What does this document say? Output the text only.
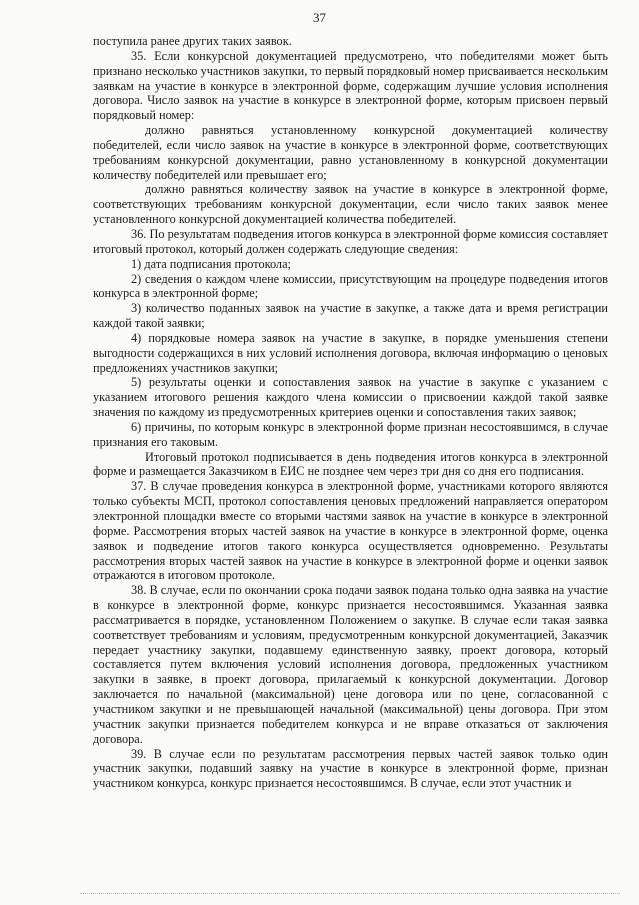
37

поступила ранее других таких заявок.

35. Если конкурсной документацией предусмотрено, что победителями может быть признано несколько участников закупки, то первый порядковый номер присваивается нескольким заявкам на участие в конкурсе в электронной форме, содержащим лучшие условия исполнения договора. Число заявок на участие в конкурсе в электронной форме, которым присвоен первый порядковый номер:

должно равняться установленному конкурсной документацией количеству победителей, если число заявок на участие в конкурсе в электронной форме, соответствующих требованиям конкурсной документации, равно установленному в конкурсной документации количеству победителей или превышает его;

должно равняться количеству заявок на участие в конкурсе в электронной форме, соответствующих требованиям конкурсной документации, если число таких заявок менее установленного конкурсной документацией количества победителей.

36. По результатам подведения итогов конкурса в электронной форме комиссия составляет итоговый протокол, который должен содержать следующие сведения:

1) дата подписания протокола;

2) сведения о каждом члене комиссии, присутствующим на процедуре подведения итогов конкурса в электронной форме;

3) количество поданных заявок на участие в закупке, а также дата и время регистрации каждой такой заявки;

4) порядковые номера заявок на участие в закупке, в порядке уменьшения степени выгодности содержащихся в них условий исполнения договора, включая информацию о ценовых предложениях участников закупки;

5) результаты оценки и сопоставления заявок на участие в закупке с указанием с указанием итогового решения каждого члена комиссии о присвоении каждой такой заявке значения по каждому из предусмотренных критериев оценки и сопоставления таких заявок;

6) причины, по которым конкурс в электронной форме признан несостоявшимся, в случае признания его таковым.

Итоговый протокол подписывается в день подведения итогов конкурса в электронной форме и размещается Заказчиком в ЕИС не позднее чем через три дня со дня его подписания.

37. В случае проведения конкурса в электронной форме, участниками которого являются только субъекты МСП, протокол сопоставления ценовых предложений направляется оператором электронной площадки вместе со вторыми частями заявок на участие в конкурсе в электронной форме. Рассмотрения вторых частей заявок на участие в конкурсе в электронной форме, оценка заявок и подведение итогов такого конкурса осуществляется одновременно. Результаты рассмотрения вторых частей заявок на участие в конкурсе в электронной форме и оценки заявок отражаются в итоговом протоколе.

38. В случае, если по окончании срока подачи заявок подана только одна заявка на участие в конкурсе в электронной форме, конкурс признается несостоявшимся. Указанная заявка рассматривается в порядке, установленном Положением о закупке. В случае если такая заявка соответствует требованиям и условиям, предусмотренным конкурсной документацией, Заказчик передает участнику закупки, подавшему единственную заявку, проект договора, который составляется путем включения условий исполнения договора, предложенных участником закупки в заявке, в проект договора, прилагаемый к конкурсной документации. Договор заключается по начальной (максимальной) цене договора или по цене, согласованной с участником закупки и не превышающей начальной (максимальной) цены договора. При этом участник закупки признается победителем конкурса и не вправе отказаться от заключения договора.

39. В случае если по результатам рассмотрения первых частей заявок только один участник закупки, подавший заявку на участие в конкурсе в электронной форме, признан участником конкурса, конкурс признается несостоявшимся. В случае, если этот участник и
